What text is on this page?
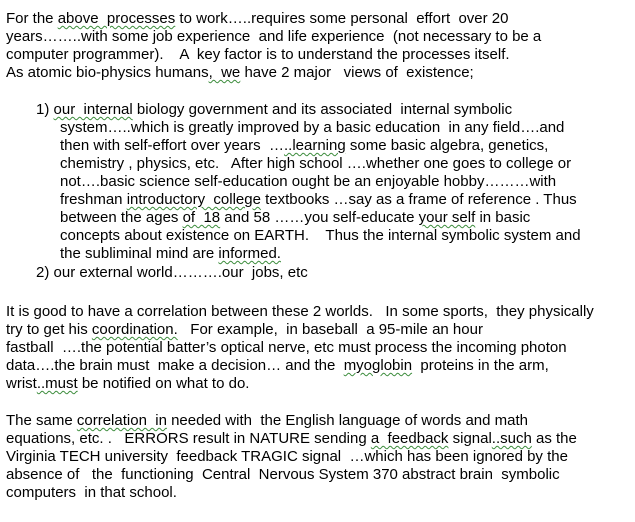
For the above  processes to work…..requires some personal  effort  over 20
years……..with some job experience  and life experience  (not necessary to be a
computer programmer).    A  key factor is to understand the processes itself.
As atomic bio-physics humans,  we have 2 major   views of  existence;
1) our  internal biology government and its associated  internal symbolic
system…..which is greatly improved by a basic education  in any field….and
then with self-effort over years  …..learning some basic algebra, genetics,
chemistry , physics, etc.   After high school ….whether one goes to college or
not….basic science self-education ought be an enjoyable hobby………with
freshman introductory  college textbooks …say as a frame of reference . Thus
between the ages of  18 and 58 ……you self-educate your self in basic
concepts about existence on EARTH.    Thus the internal symbolic system and
the subliminal mind are informed.
2) our external world……….our  jobs, etc
It is good to have a correlation between these 2 worlds.   In some sports,  they physically
try to get his coordination.   For example,  in baseball  a 95-mile an hour
fastball  ….the potential batter’s optical nerve, etc must process the incoming photon
data….the brain must  make a decision… and the  myoglobin  proteins in the arm,
wrist..must be notified on what to do.
The same correlation  in needed with  the English language of words and math
equations, etc. .   ERRORS result in NATURE sending a  feedback signal..such as the
Virginia TECH university  feedback TRAGIC signal  …which has been ignored by the
absence of   the  functioning  Central  Nervous System 370 abstract brain  symbolic
computers  in that school.
